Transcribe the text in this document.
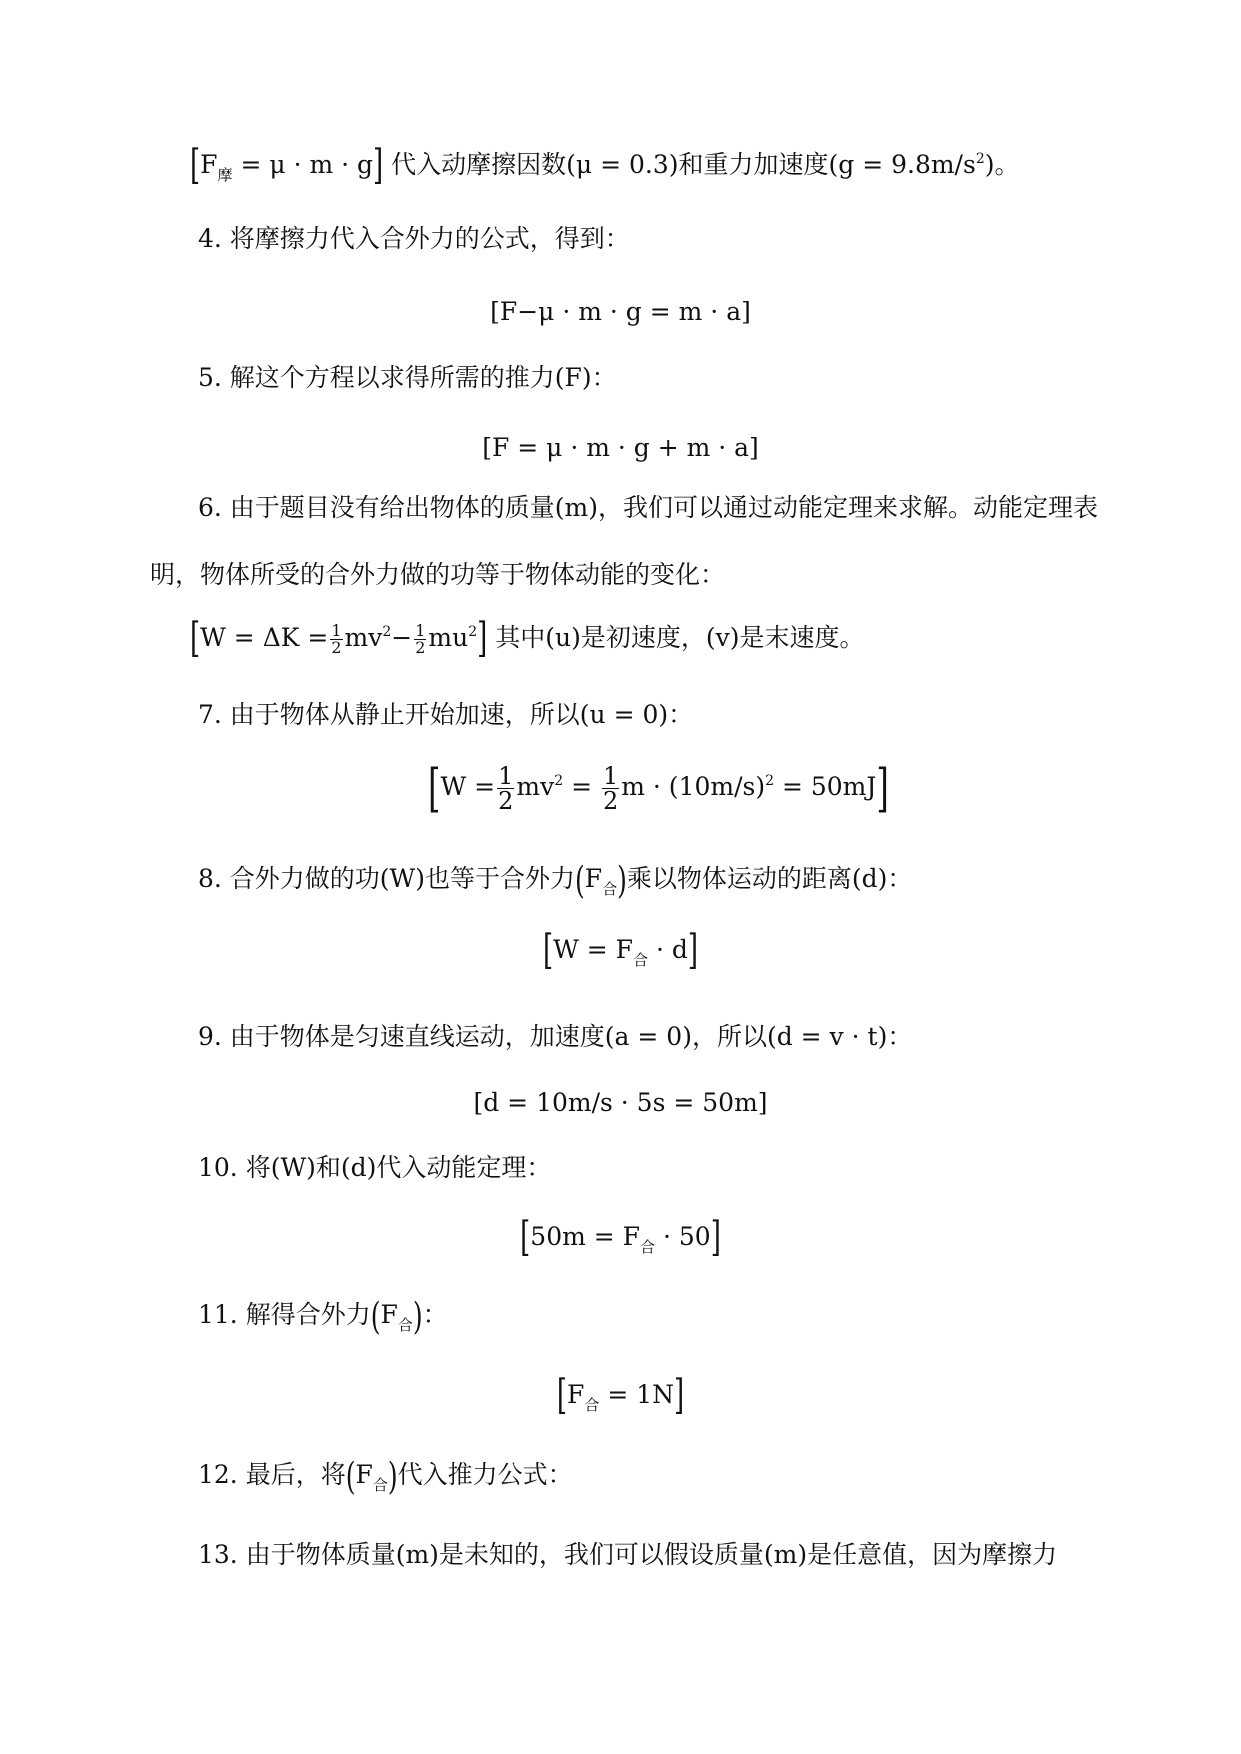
$[F_摩 = \mu \cdot m \cdot g]$ 代入动摩擦因数(μ = 0.3)和重力加速度$(g = 9.8m/s^2)$。
4. 将摩擦力代入合外力的公式，得到：
[F−μ · m · g = m · a]
5. 解这个方程以求得所需的推力(F)：
[F = μ · m · g + m · a]
6. 由于题目没有给出物体的质量(m)，我们可以通过动能定理来求解。动能定理表
明，物体所受的合外力做的功等于物体动能的变化：
$[W = \Delta K = \frac{1}{2} mv^2- \frac{1}{2} mu^2]$ 其中(u)是初速度，(v)是末速度。
7. 由于物体从静止开始加速，所以(u = 0)：
[$W = \frac{1}{2} mv^2 = \frac{1}{2}$ $m \cdot (10m/s)^2 = 50mJ$]
8. 合外力做的功(W)也等于合外力$(F_合)$乘以物体运动的距离(d)：
$[W = F_合 \cdot d]$
9. 由于物体是匀速直线运动，加速度(a = 0)，所以(d = v · t)：
[d = 10m/s · 5s = 50m]
10. 将(W)和(d)代入动能定理：
$[50m = F_合 \cdot 50]$
11. 解得合外力$(F_合)$：
$[F_合 = 1N]$
12. 最后，将$(F_合)$代入推力公式：
13. 由于物体质量(m)是未知的，我们可以假设质量(m)是任意值，因为摩擦力
